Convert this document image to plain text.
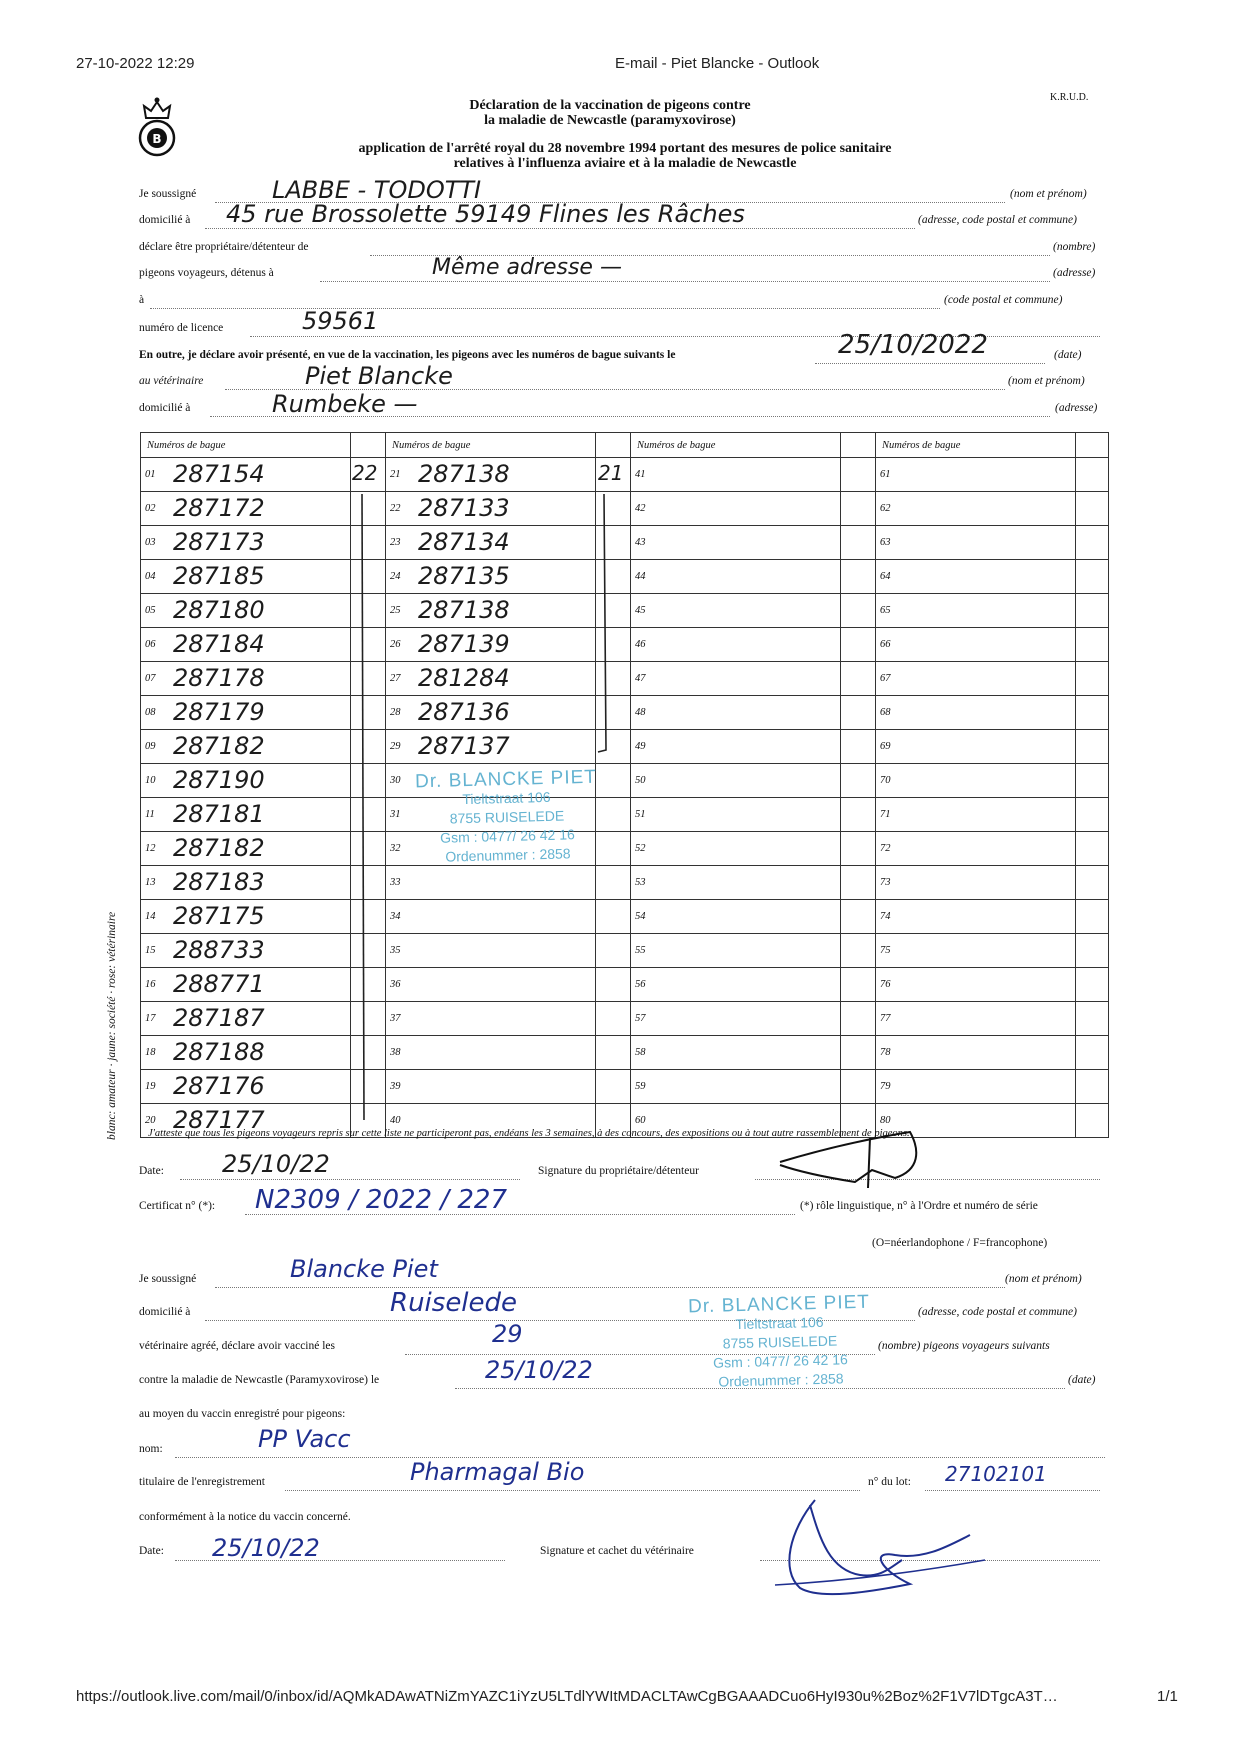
27-10-2022 12:29	E-mail - Piet Blancke - Outlook
B
Déclaration de la vaccination de pigeons contre
la maladie de Newcastle (paramyxovirose)
K.R.U.D.
application de l'arrêté royal du 28 novembre 1994 portant des mesures de police sanitaire
relatives à l'influenza aviaire et à la maladie de Newcastle
Je soussigné	(nom et prénom)
LABBE - TODOTTI
domicilié à	(adresse, code postal et commune)
45 rue Brossolette 59149 Flines les Râches
déclare être propriétaire/détenteur de	(nombre)
pigeons voyageurs, détenus à	(adresse)
Même adresse —
à	(code postal et commune)
numéro de licence	59561
En outre, je déclare avoir présenté, en vue de la vaccination, les pigeons avec les numéros de bague suivants le	(date)
25/10/2022
au vétérinaire	(nom et prénom)
Piet Blancke
domicilié à	(adresse)
Rumbeke —
Numéros de bague		Numéros de bague		Numéros de bague		Numéros de bague	

01 287154		21 287138		41		61	

02 287172		22 287133		42		62	

03 287173		23 287134		43		63	

04 287185		24 287135		44		64	

05 287180		25 287138		45		65	

06 287184		26 287139		46		66	

07 287178		27 281284		47		67	

08 287179		28 287136		48		68	

09 287182		29 287137		49		69	

10 287190		30		50		70	

11 287181		31		51		71	

12 287182		32		52		72	

13 287183		33		53		73	

14 287175		34		54		74	

15 288733		35		55		75	

16 288771		36		56		76	

17 287187		37		57		77	

18 287188		38		58		78	

19 287176		39		59		79	

20 287177		40		60		80	

22	21
blanc: amateur · jaune: société · rose: vétérinaire
Dr. BLANCKE PIET
Tieltstraat 106
8755 RUISELEDE
Gsm : 0477/ 26 42 16
Ordenummer : 2858
J'atteste que tous les pigeons voyageurs repris sur cette liste ne participeront pas, endéans les 3 semaines, à des concours, des expositions ou à tout autre rassemblement de pigeons.
Date: 25/10/22	Signature du propriétaire/détenteur
Certificat n° (*): N2309 / 2022 / 227	(*) rôle linguistique, n° à l'Ordre et numéro de série
(O=néerlandophone / F=francophone)
Je soussigné	(nom et prénom)
Blancke Piet
domicilié à	(adresse, code postal et commune)
Ruiselede
vétérinaire agréé, déclare avoir vacciné les	(nombre) pigeons voyageurs suivants
29
contre la maladie de Newcastle (Paramyxovirose) le	(date)
25/10/22
Dr. BLANCKE PIET
Tieltstraat 106
8755 RUISELEDE
Gsm : 0477/ 26 42 16
Ordenummer : 2858
au moyen du vaccin enregistré pour pigeons:
nom:	PP Vacc
titulaire de l'enregistrement	Pharmagal Bio	n° du lot: 27102101
conformément à la notice du vaccin concerné.
Date: 25/10/22	Signature et cachet du vétérinaire
https://outlook.live.com/mail/0/inbox/id/AQMkADAwATNiZmYAZC1iYzU5LTdlYWItMDACLTAwCgBGAAADCuo6HyI930u%2Boz%2F1V7lDTgcA3T…	1/1
